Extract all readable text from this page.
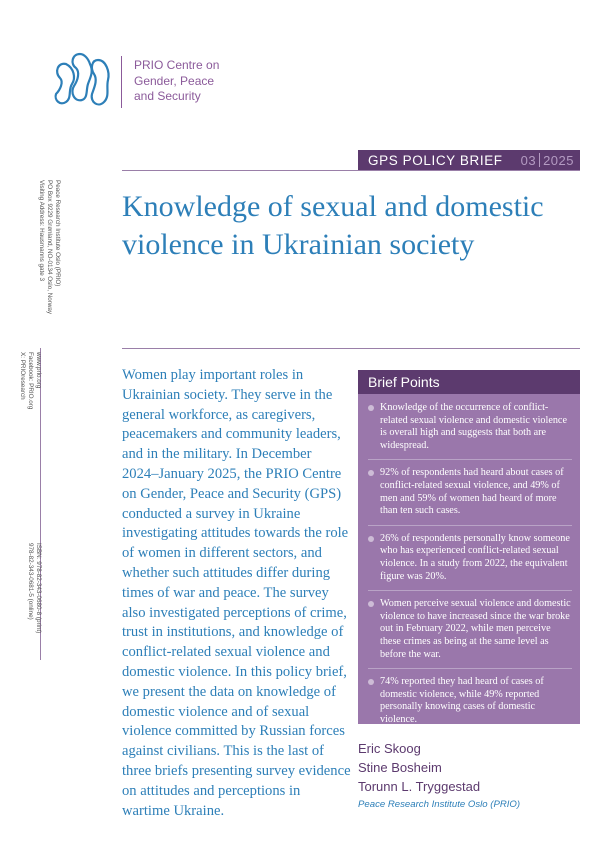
PRIO Centre on
Gender, Peace
and Security
GPS POLICY BRIEF 03 2025
Knowledge of sexual and domestic violence in Ukrainian society
Peace Research Institute Oslo (PRIO)
PO Box 9229 Grønland, NO-0134 Oslo, Norway
Visiting Address: Hausmanns gate 3
www.prio.org
Facebook: PRIO.org
X: PRIOresearch
ISBN: 978-82-343-0680-8 (print)
978-82-343-0681-5 (online)

Women play important roles in Ukrainian society. They serve in the general workforce, as caregivers, peacemakers and community leaders, and in the military. In December 2024–January 2025, the PRIO Centre on Gender, Peace and Security (GPS) conducted a survey in Ukraine investigating attitudes towards the role of women in different sectors, and whether such attitudes differ during times of war and peace. The survey also investigated perceptions of crime, trust in institutions, and knowledge of conflict-related sexual violence and domestic violence. In this policy brief, we present the data on knowledge of domestic violence and of sexual violence committed by Russian forces against civilians. This is the last of three briefs presenting survey evidence on attitudes and perceptions in wartime Ukraine.

Brief Points
Knowledge of the occurrence of conflict-related sexual violence and domestic violence is overall high and suggests that both are widespread.
92% of respondents had heard about cases of conflict-related sexual violence, and 49% of men and 59% of women had heard of more than ten such cases.
26% of respondents personally know someone who has experienced conflict-related sexual violence. In a study from 2022, the equivalent figure was 20%.
Women perceive sexual violence and domestic violence to have increased since the war broke out in February 2022, while men perceive these crimes as being at the same level as before the war.
74% reported they had heard of cases of domestic violence, while 49% reported personally knowing cases of domestic violence.
Eric Skoog
Stine Bosheim
Torunn L. Tryggestad
Peace Research Institute Oslo (PRIO)
